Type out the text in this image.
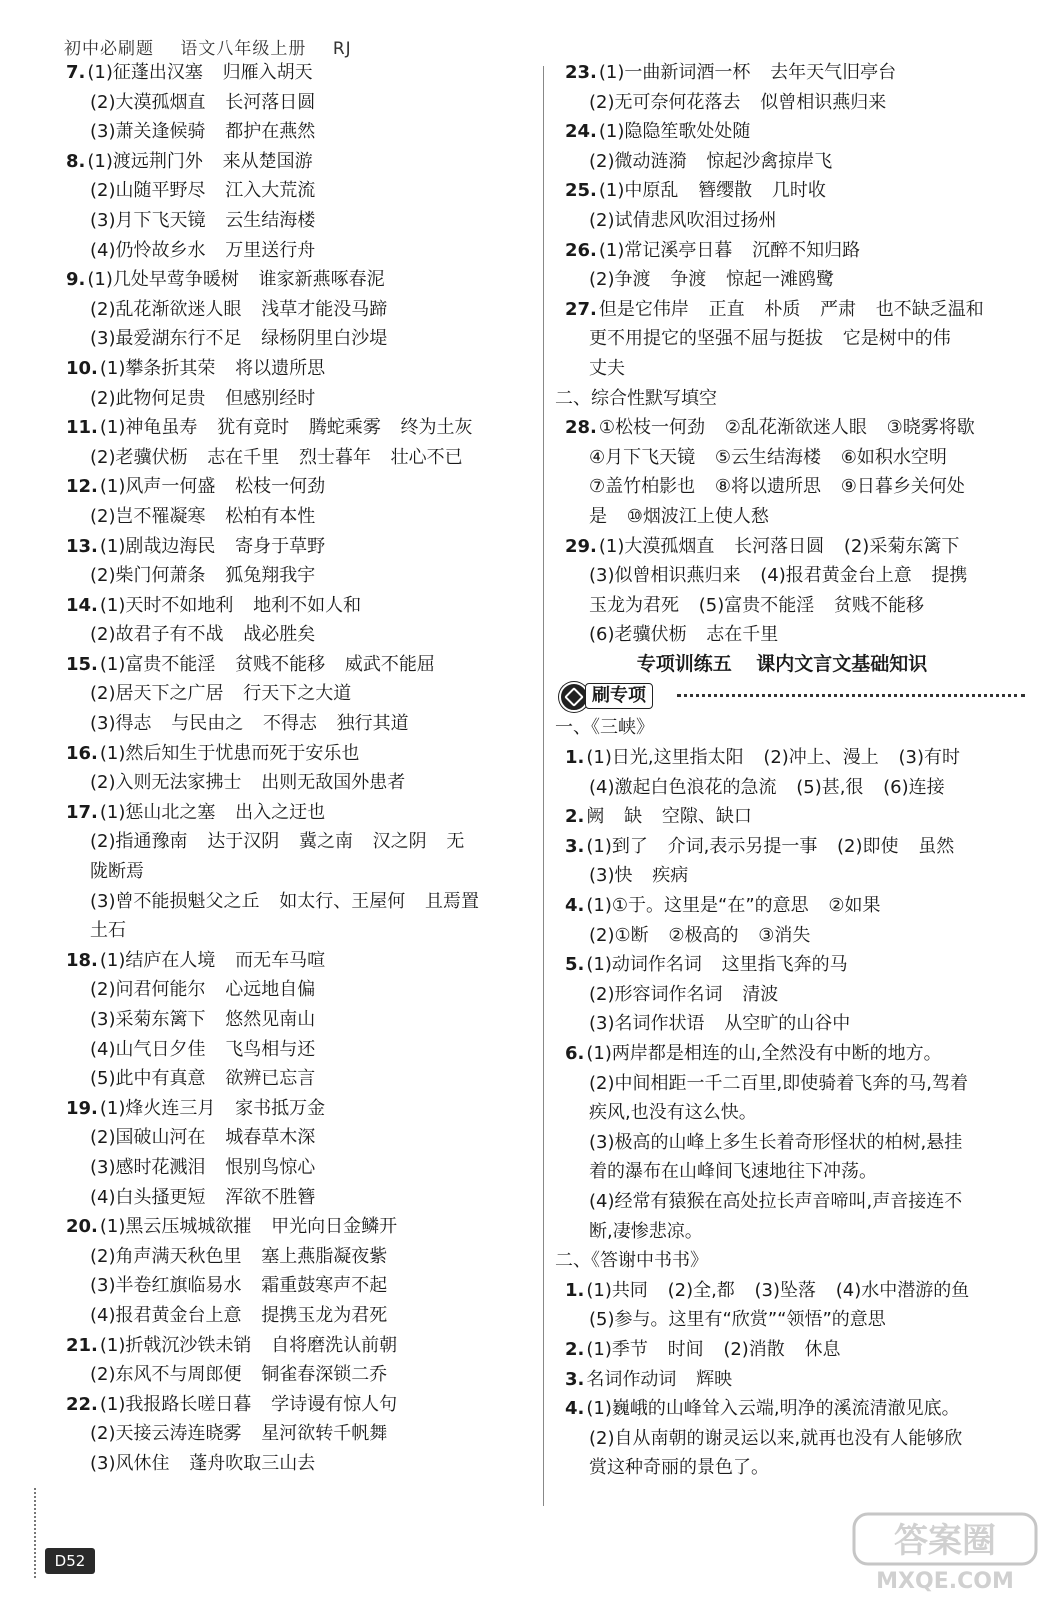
初中必刷题 语文八年级上册 RJ
7. (1)征蓬出汉塞 归雁入胡天
(2)大漠孤烟直 长河落日圆
(3)萧关逢候骑 都护在燕然
8. (1)渡远荆门外 来从楚国游
(2)山随平野尽 江入大荒流
(3)月下飞天镜 云生结海楼
(4)仍怜故乡水 万里送行舟
9. (1)几处早莺争暖树 谁家新燕啄春泥
(2)乱花渐欲迷人眼 浅草才能没马蹄
(3)最爱湖东行不足 绿杨阴里白沙堤
10. (1)攀条折其荣 将以遗所思
(2)此物何足贵 但感别经时
11. (1)神龟虽寿 犹有竟时 腾蛇乘雾 终为土灰
(2)老骥伏枥 志在千里 烈士暮年 壮心不已
12. (1)风声一何盛 松枝一何劲
(2)岂不罹凝寒 松柏有本性
13. (1)剧哉边海民 寄身于草野
(2)柴门何萧条 狐兔翔我宇
14. (1)天时不如地利 地利不如人和
(2)故君子有不战 战必胜矣
15. (1)富贵不能淫 贫贱不能移 威武不能屈
(2)居天下之广居 行天下之大道
(3)得志 与民由之 不得志 独行其道
16. (1)然后知生于忧患而死于安乐也
(2)入则无法家拂士 出则无敌国外患者
17. (1)惩山北之塞 出入之迂也
(2)指通豫南 达于汉阴 冀之南 汉之阴 无
陇断焉
(3)曾不能损魁父之丘 如太行、王屋何 且焉置
土石
18. (1)结庐在人境 而无车马喧
(2)问君何能尔 心远地自偏
(3)采菊东篱下 悠然见南山
(4)山气日夕佳 飞鸟相与还
(5)此中有真意 欲辨已忘言
19. (1)烽火连三月 家书抵万金
(2)国破山河在 城春草木深
(3)感时花溅泪 恨别鸟惊心
(4)白头搔更短 浑欲不胜簪
20. (1)黑云压城城欲摧 甲光向日金鳞开
(2)角声满天秋色里 塞上燕脂凝夜紫
(3)半卷红旗临易水 霜重鼓寒声不起
(4)报君黄金台上意 提携玉龙为君死
21. (1)折戟沉沙铁未销 自将磨洗认前朝
(2)东风不与周郎便 铜雀春深锁二乔
22. (1)我报路长嗟日暮 学诗谩有惊人句
(2)天接云涛连晓雾 星河欲转千帆舞
(3)风休住 蓬舟吹取三山去
23. (1)一曲新词酒一杯 去年天气旧亭台
(2)无可奈何花落去 似曾相识燕归来
24. (1)隐隐笙歌处处随
(2)微动涟漪 惊起沙禽掠岸飞
25. (1)中原乱 簪缨散 几时收
(2)试倩悲风吹泪过扬州
26. (1)常记溪亭日暮 沉醉不知归路
(2)争渡 争渡 惊起一滩鸥鹭
27. 但是它伟岸 正直 朴质 严肃 也不缺乏温和
更不用提它的坚强不屈与挺拔 它是树中的伟
丈夫
二、综合性默写填空
28. ①松枝一何劲 ②乱花渐欲迷人眼 ③晓雾将歇
④月下飞天镜 ⑤云生结海楼 ⑥如积水空明
⑦盖竹柏影也 ⑧将以遗所思 ⑨日暮乡关何处
是 ⑩烟波江上使人愁
29. (1)大漠孤烟直 长河落日圆 (2)采菊东篱下
(3)似曾相识燕归来 (4)报君黄金台上意 提携
玉龙为君死 (5)富贵不能淫 贫贱不能移
(6)老骥伏枥 志在千里
专项训练五 课内文言文基础知识
刷专项
一、《三峡》
1. (1)日光,这里指太阳 (2)冲上、漫上 (3)有时
(4)激起白色浪花的急流 (5)甚,很 (6)连接
2. 阙 缺 空隙、缺口
3. (1)到了 介词,表示另提一事 (2)即使 虽然
(3)快 疾病
4. (1)①于。这里是“在”的意思 ②如果
(2)①断 ②极高的 ③消失
5. (1)动词作名词 这里指飞奔的马
(2)形容词作名词 清波
(3)名词作状语 从空旷的山谷中
6. (1)两岸都是相连的山,全然没有中断的地方。
(2)中间相距一千二百里,即使骑着飞奔的马,驾着
疾风,也没有这么快。
(3)极高的山峰上多生长着奇形怪状的柏树,悬挂
着的瀑布在山峰间飞速地往下冲荡。
(4)经常有猿猴在高处拉长声音啼叫,声音接连不
断,凄惨悲凉。
二、《答谢中书书》
1. (1)共同 (2)全,都 (3)坠落 (4)水中潜游的鱼
(5)参与。这里有“欣赏”“领悟”的意思
2. (1)季节 时间 (2)消散 休息
3. 名词作动词 辉映
4. (1)巍峨的山峰耸入云端,明净的溪流清澈见底。
(2)自从南朝的谢灵运以来,就再也没有人能够欣
赏这种奇丽的景色了。
D52	答案圈
MXQE.COM
